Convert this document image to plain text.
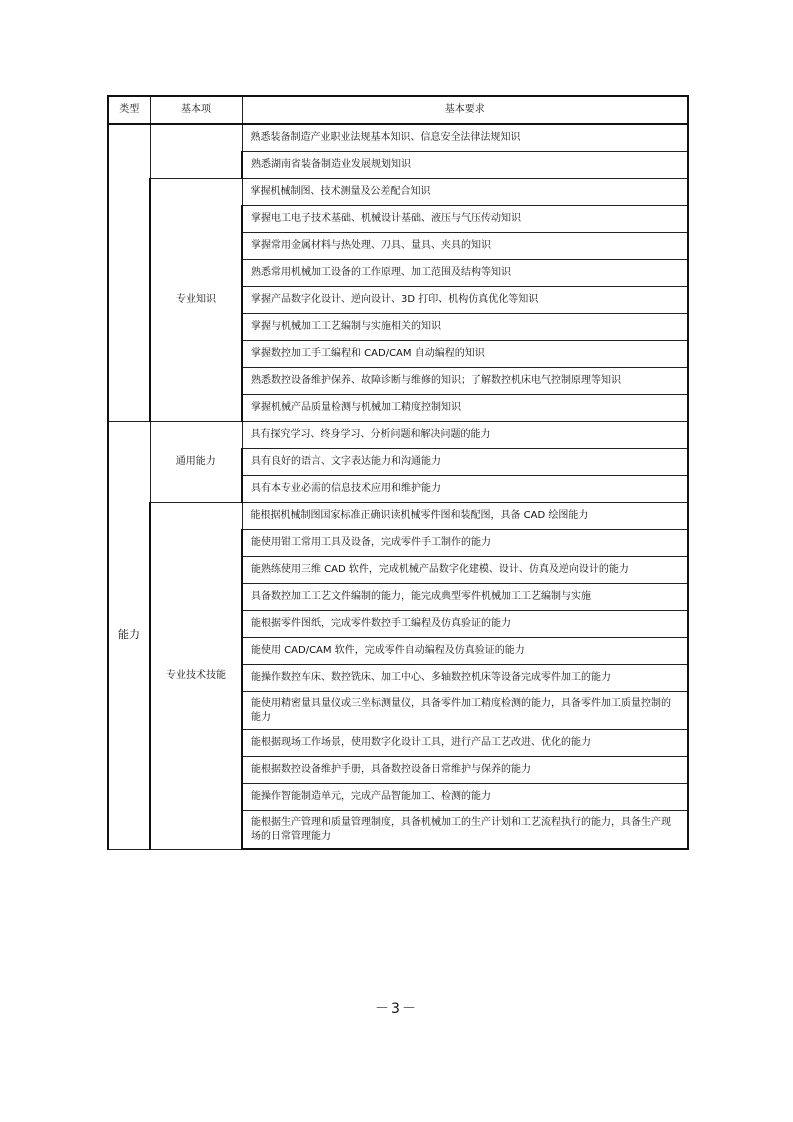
类型	基本项	基本要求
		熟悉装备制造产业职业法规基本知识、信息安全法律法规知识
		熟悉湖南省装备制造业发展规划知识
	专业知识	掌握机械制图、技术测量及公差配合知识
		掌握电工电子技术基础、机械设计基础、液压与气压传动知识
		掌握常用金属材料与热处理、刀具、量具、夹具的知识
		熟悉常用机械加工设备的工作原理、加工范围及结构等知识
		掌握产品数字化设计、逆向设计、3D 打印、机构仿真优化等知识
		掌握与机械加工工艺编制与实施相关的知识
		掌握数控加工手工编程和 CAD/CAM 自动编程的知识
		熟悉数控设备维护保养、故障诊断与维修的知识；了解数控机床电气控制原理等知识
		掌握机械产品质量检测与机械加工精度控制知识
能力	通用能力	具有探究学习、终身学习、分析问题和解决问题的能力
		具有良好的语言、文字表达能力和沟通能力
		具有本专业必需的信息技术应用和维护能力
	专业技术技能	能根据机械制图国家标准正确识读机械零件图和装配图，具备 CAD 绘图能力
		能使用钳工常用工具及设备，完成零件手工制作的能力
		能熟练使用三维 CAD 软件，完成机械产品数字化建模、设计、仿真及逆向设计的能力
		具备数控加工工艺文件编制的能力，能完成典型零件机械加工工艺编制与实施
		能根据零件图纸，完成零件数控手工编程及仿真验证的能力
		能使用 CAD/CAM 软件，完成零件自动编程及仿真验证的能力
		能操作数控车床、数控铣床、加工中心、多轴数控机床等设备完成零件加工的能力
		能使用精密量具量仪或三坐标测量仪，具备零件加工精度检测的能力，具备零件加工质量控制的能力
		能根据现场工作场景，使用数字化设计工具，进行产品工艺改进、优化的能力
		能根据数控设备维护手册，具备数控设备日常维护与保养的能力
		能操作智能制造单元，完成产品智能加工、检测的能力
		能根据生产管理和质量管理制度，具备机械加工的生产计划和工艺流程执行的能力，具备生产现场的日常管理能力
－3－
